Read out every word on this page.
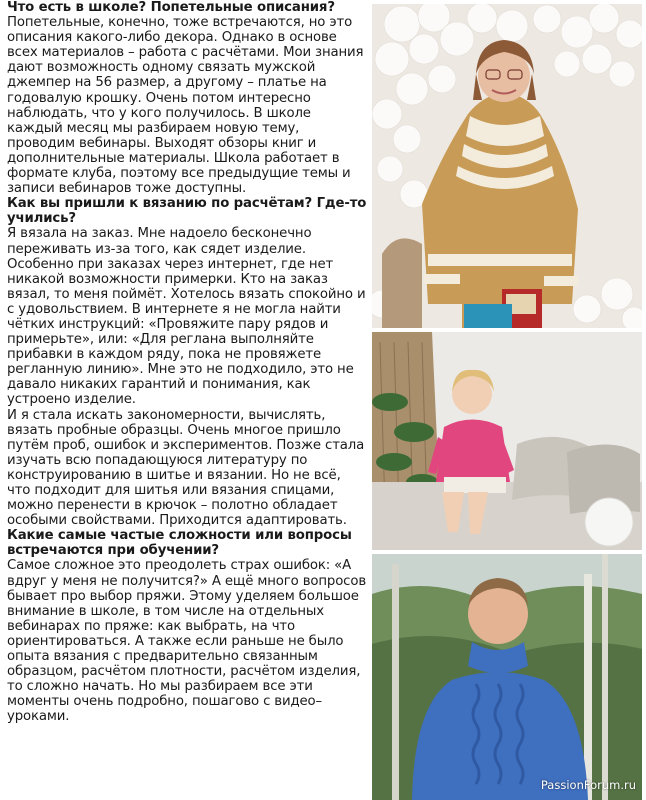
Что есть в школе? Попетельные описания?

Попетельные, конечно, тоже встречаются, но это описания какого-либо декора. Однако в основе всех материалов – работа с расчётами. Мои знания дают возможность одному связать мужской джемпер на 56 размер, а другому – платье на годовалую крошку. Очень потом интересно наблюдать, что у кого получилось. В школе каждый месяц мы разбираем новую тему, проводим вебинары. Выходят обзоры книг и дополнительные материалы. Школа работает в формате клуба, поэтому все предыдущие темы и записи вебинаров тоже доступны.

Как вы пришли к вязанию по расчётам? Где-то учились?

Я вязала на заказ. Мне надоело бесконечно переживать из-за того, как сядет изделие. Особенно при заказах через интернет, где нет никакой возможности примерки. Кто на заказ вязал, то меня поймёт. Хотелось вязать спокойно и с удовольствием. В интернете я не могла найти чётких инструкций: «Провяжите пару рядов и примерьте», или: «Для реглана выполняйте прибавки в каждом ряду, пока не провяжете регланную линию». Мне это не подходило, это не давало никаких гарантий и понимания, как устроено изделие.

И я стала искать закономерности, вычислять, вязать пробные образцы. Очень многое пришло путём проб, ошибок и экспериментов. Позже стала изучать всю попадающуюся литературу по конструированию в шитье и вязании. Но не всё, что подходит для шитья или вязания спицами, можно перенести в крючок – полотно обладает особыми свойствами. Приходится адаптировать.

Какие самые частые сложности или вопросы встречаются при обучении?

Самое сложное это преодолеть страх ошибок: «А вдруг у меня не получится?» А ещё много вопросов бывает про выбор пряжи. Этому уделяем большое внимание в школе, в том числе на отдельных вебинарах по пряже: как выбрать, на что ориентироваться. А также если раньше не было опыта вязания с предварительно связанным образцом, расчётом плотности, расчётом изделия, то сложно начать. Но мы разбираем все эти моменты очень подробно, пошагово с видео–уроками.

PassionForum.ru
